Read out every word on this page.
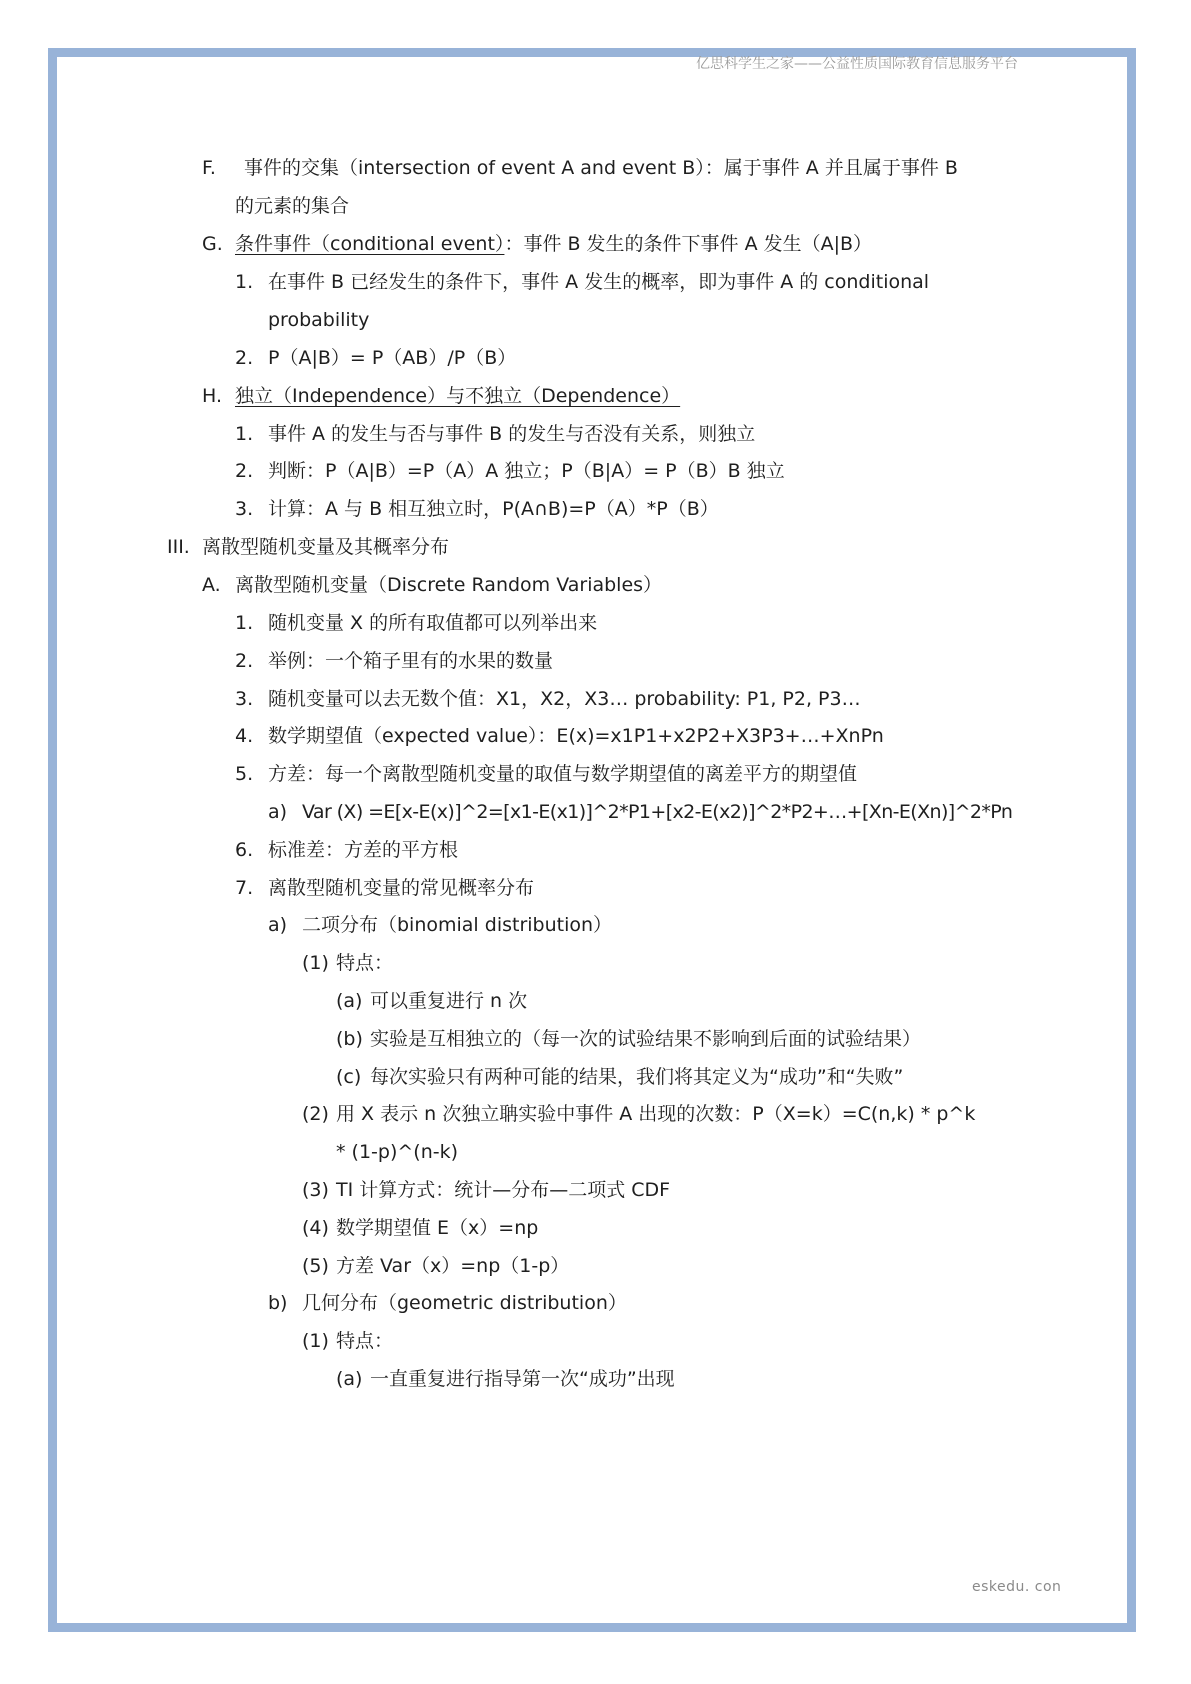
亿思科学生之家——公益性质国际教育信息服务平台
F. 事件的交集（intersection of event A and event B）：属于事件 A 并且属于事件 B
的元素的集合
G. 条件事件（conditional event）：事件 B 发生的条件下事件 A 发生（A|B）
1. 在事件 B 已经发生的条件下，事件 A 发生的概率，即为事件 A 的 conditional
probability
2. P（A|B）= P（AB）/P（B）
H. 独立（Independence）与不独立（Dependence）
1. 事件 A 的发生与否与事件 B 的发生与否没有关系，则独立
2. 判断：P（A|B）=P（A）A 独立；P（B|A）= P（B）B 独立
3. 计算：A 与 B 相互独立时，P(A∩B)=P（A）*P（B）
III. 离散型随机变量及其概率分布
A. 离散型随机变量（Discrete Random Variables）
1. 随机变量 X 的所有取值都可以列举出来
2. 举例：一个箱子里有的水果的数量
3. 随机变量可以去无数个值：X1，X2，X3… probability: P1, P2, P3…
4. 数学期望值（expected value）：E(x)=x1P1+x2P2+X3P3+…+XnPn
5. 方差：每一个离散型随机变量的取值与数学期望值的离差平方的期望值
a) Var (X) =E[x-E(x)]^2=[x1-E(x1)]^2*P1+[x2-E(x2)]^2*P2+…+[Xn-E(Xn)]^2*Pn
6. 标准差：方差的平方根
7. 离散型随机变量的常见概率分布
a) 二项分布（binomial distribution）
(1) 特点：
(a) 可以重复进行 n 次
(b) 实验是互相独立的（每一次的试验结果不影响到后面的试验结果）
(c) 每次实验只有两种可能的结果，我们将其定义为“成功”和“失败”
(2) 用 X 表示 n 次独立聃实验中事件 A 出现的次数：P（X=k）=C(n,k) * p^k
* (1-p)^(n-k)
(3) TI 计算方式：统计—分布—二项式 CDF
(4) 数学期望值 E（x）=np
(5) 方差 Var（x）=np（1-p）
b) 几何分布（geometric distribution）
(1) 特点：
(a) 一直重复进行指导第一次“成功”出现
eskedu. con
